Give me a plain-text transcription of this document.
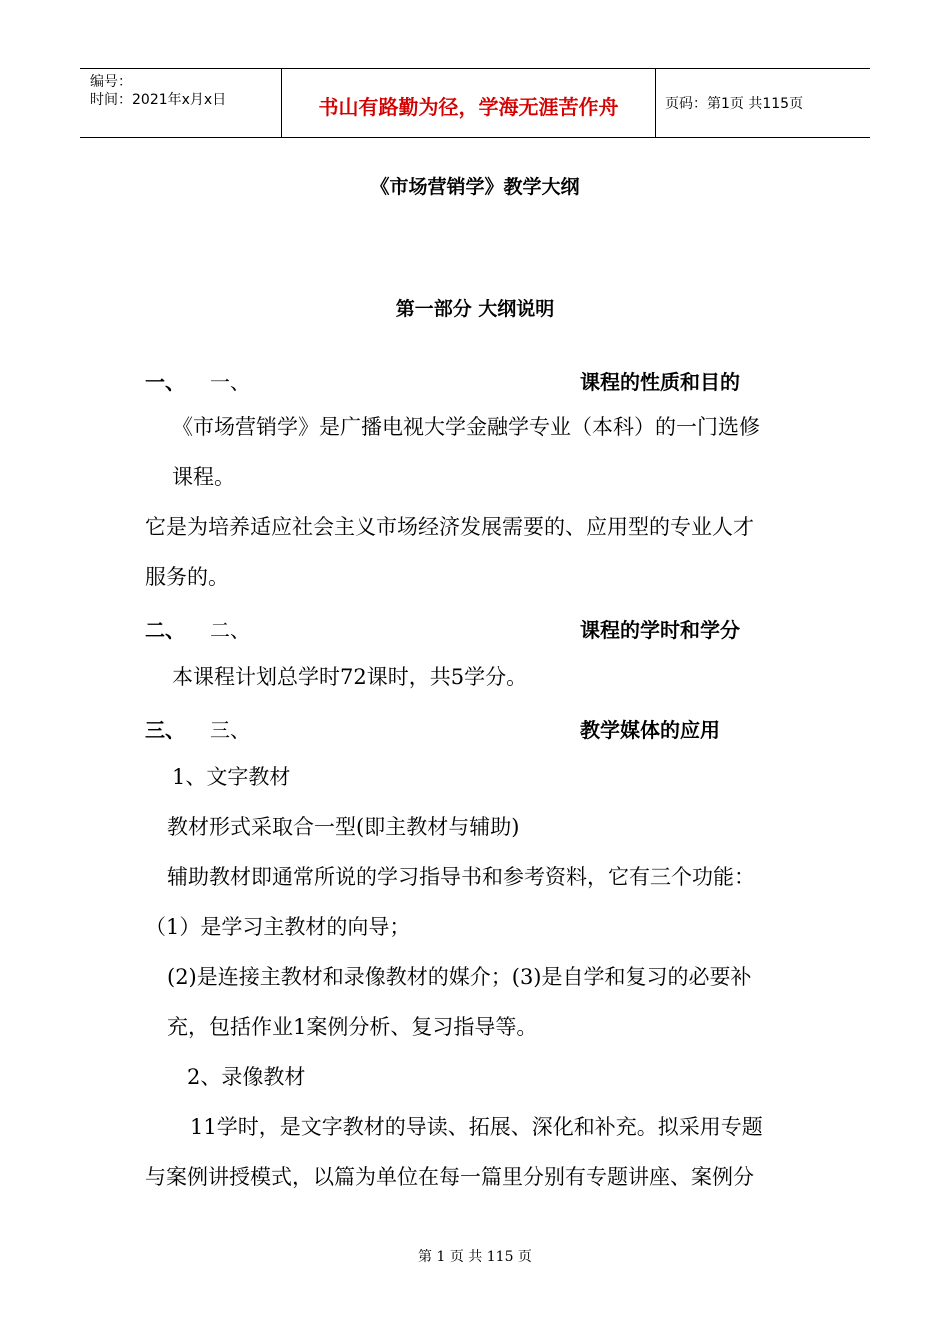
编号：
时间：2021年x月x日	书山有路勤为径，学海无涯苦作舟	页码：第1页 共115页
《市场营销学》教学大纲
第一部分 大纲说明
一、 一、	课程的性质和目的
《市场营销学》是广播电视大学金融学专业（本科）的一门选修
课程。
它是为培养适应社会主义市场经济发展需要的、应用型的专业人才
服务的。
二、 二、	课程的学时和学分
本课程计划总学时72课时，共5学分。
三、 三、	教学媒体的应用
1、文字教材
教材形式采取合一型(即主教材与辅助)
辅助教材即通常所说的学习指导书和参考资料，它有三个功能：
（1）是学习主教材的向导；
(2)是连接主教材和录像教材的媒介；(3)是自学和复习的必要补
充，包括作业1案例分析、复习指导等。
2、录像教材
11学时，是文字教材的导读、拓展、深化和补充。拟采用专题
与案例讲授模式，以篇为单位在每一篇里分别有专题讲座、案例分
第 1 页 共 115 页
